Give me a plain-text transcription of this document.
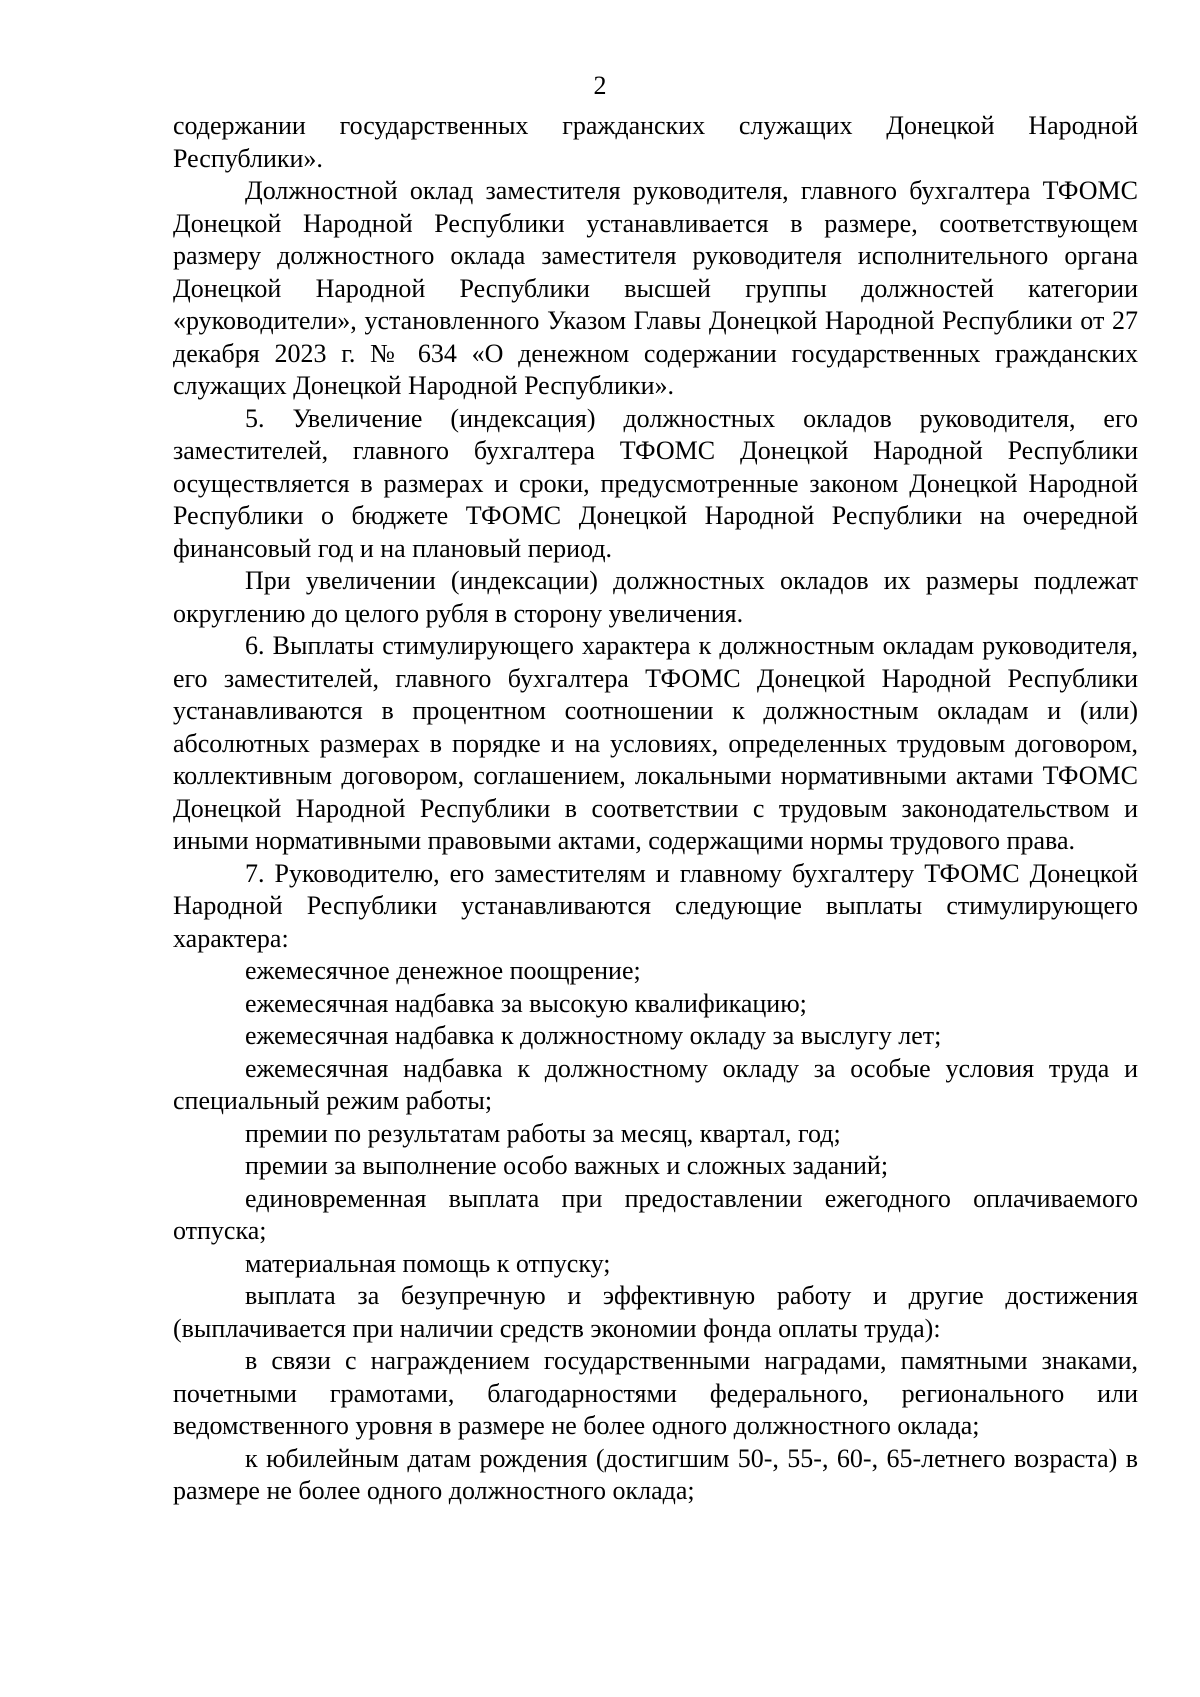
2

содержании государственных гражданских служащих Донецкой Народной Республики».

Должностной оклад заместителя руководителя, главного бухгалтера ТФОМС Донецкой Народной Республики устанавливается в размере, соответствующем размеру должностного оклада заместителя руководителя исполнительного органа Донецкой Народной Республики высшей группы должностей категории «руководители», установленного Указом Главы Донецкой Народной Республики от 27 декабря 2023 г. № 634 «О денежном содержании государственных гражданских служащих Донецкой Народной Республики».

5. Увеличение (индексация) должностных окладов руководителя, его заместителей, главного бухгалтера ТФОМС Донецкой Народной Республики осуществляется в размерах и сроки, предусмотренные законом Донецкой Народной Республики о бюджете ТФОМС Донецкой Народной Республики на очередной финансовый год и на плановый период.

При увеличении (индексации) должностных окладов их размеры подлежат округлению до целого рубля в сторону увеличения.

6. Выплаты стимулирующего характера к должностным окладам руководителя, его заместителей, главного бухгалтера ТФОМС Донецкой Народной Республики устанавливаются в процентном соотношении к должностным окладам и (или) абсолютных размерах в порядке и на условиях, определенных трудовым договором, коллективным договором, соглашением, локальными нормативными актами ТФОМС Донецкой Народной Республики в соответствии с трудовым законодательством и иными нормативными правовыми актами, содержащими нормы трудового права.

7. Руководителю, его заместителям и главному бухгалтеру ТФОМС Донецкой Народной Республики устанавливаются следующие выплаты стимулирующего характера:

ежемесячное денежное поощрение;

ежемесячная надбавка за высокую квалификацию;

ежемесячная надбавка к должностному окладу за выслугу лет;

ежемесячная надбавка к должностному окладу за особые условия труда и специальный режим работы;

премии по результатам работы за месяц, квартал, год;

премии за выполнение особо важных и сложных заданий;

единовременная выплата при предоставлении ежегодного оплачиваемого отпуска;

материальная помощь к отпуску;

выплата за безупречную и эффективную работу и другие достижения (выплачивается при наличии средств экономии фонда оплаты труда):

в связи с награждением государственными наградами, памятными знаками, почетными грамотами, благодарностями федерального, регионального или ведомственного уровня в размере не более одного должностного оклада;

к юбилейным датам рождения (достигшим 50-, 55-, 60-, 65-летнего возраста) в размере не более одного должностного оклада;
